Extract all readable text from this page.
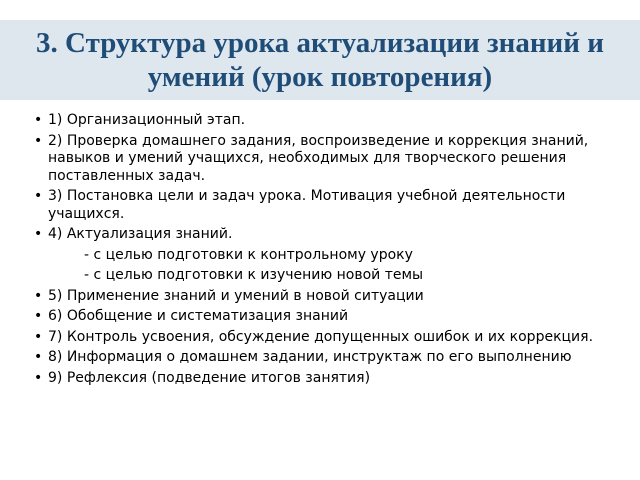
3. Структура урока актуализации знаний и
умений (урок повторения)
• 1) Организационный этап.
• 2) Проверка домашнего задания, воспроизведение и коррекция знаний, навыков и умений учащихся, необходимых для творческого решения поставленных задач.
• 3) Постановка цели и задач урока. Мотивация учебной деятельности учащихся.
• 4) Актуализация знаний.
- с целью подготовки к контрольному уроку
- с целью подготовки к изучению новой темы
• 5) Применение знаний и умений в новой ситуации
• 6) Обобщение и систематизация знаний
• 7) Контроль усвоения, обсуждение допущенных ошибок и их коррекция.
• 8) Информация о домашнем задании, инструктаж по его выполнению
• 9) Рефлексия (подведение итогов занятия)
